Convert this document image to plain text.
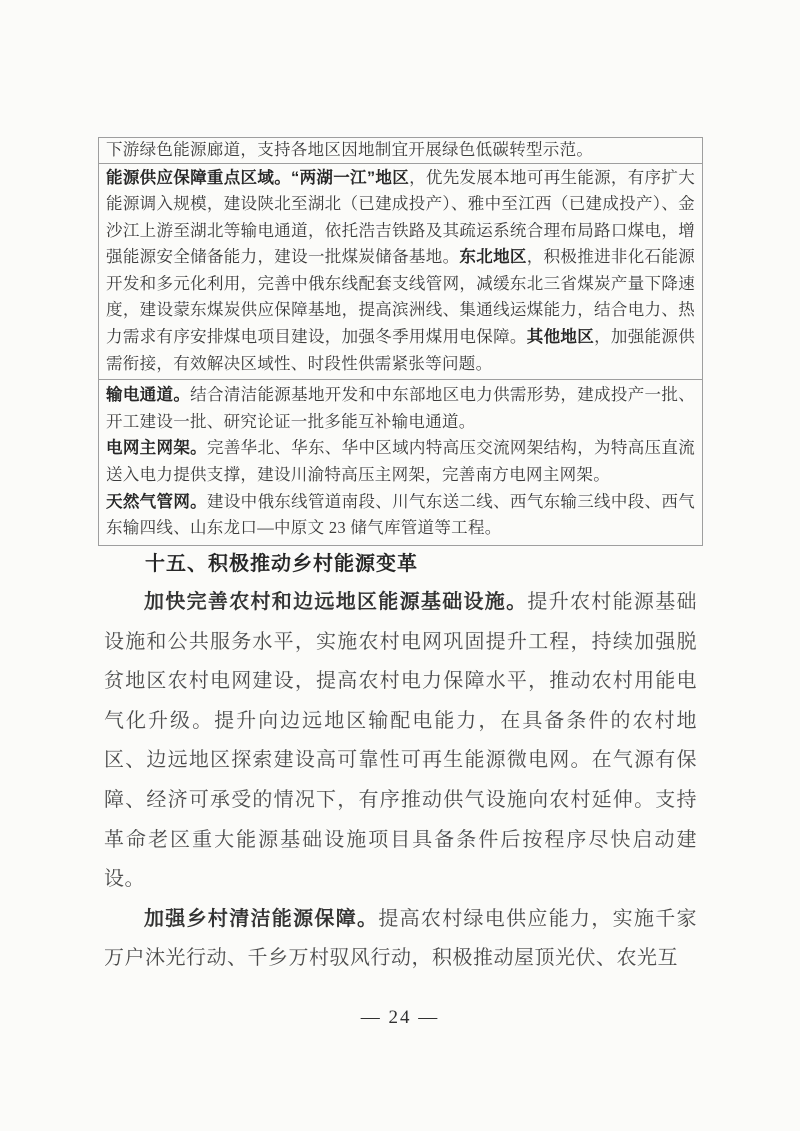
下游绿色能源廊道，支持各地区因地制宜开展绿色低碳转型示范。
能源供应保障重点区域。“两湖一江”地区，优先发展本地可再生能源，有序扩大能源调入规模，建设陕北至湖北（已建成投产）、雅中至江西（已建成投产）、金沙江上游至湖北等输电通道，依托浩吉铁路及其疏运系统合理布局路口煤电，增强能源安全储备能力，建设一批煤炭储备基地。东北地区，积极推进非化石能源开发和多元化利用，完善中俄东线配套支线管网，减缓东北三省煤炭产量下降速度，建设蒙东煤炭供应保障基地，提高滨洲线、集通线运煤能力，结合电力、热力需求有序安排煤电项目建设，加强冬季用煤用电保障。其他地区，加强能源供需衔接，有效解决区域性、时段性供需紧张等问题。
输电通道。结合清洁能源基地开发和中东部地区电力供需形势，建成投产一批、开工建设一批、研究论证一批多能互补输电通道。
电网主网架。完善华北、华东、华中区域内特高压交流网架结构，为特高压直流送入电力提供支撑，建设川渝特高压主网架，完善南方电网主网架。
天然气管网。建设中俄东线管道南段、川气东送二线、西气东输三线中段、西气东输四线、山东龙口—中原文 23 储气库管道等工程。
十五、积极推动乡村能源变革

加快完善农村和边远地区能源基础设施。提升农村能源基础设施和公共服务水平，实施农村电网巩固提升工程，持续加强脱贫地区农村电网建设，提高农村电力保障水平，推动农村用能电气化升级。提升向边远地区输配电能力，在具备条件的农村地区、边远地区探索建设高可靠性可再生能源微电网。在气源有保障、经济可承受的情况下，有序推动供气设施向农村延伸。支持革命老区重大能源基础设施项目具备条件后按程序尽快启动建设。

加强乡村清洁能源保障。提高农村绿电供应能力，实施千家万户沐光行动、千乡万村驭风行动，积极推动屋顶光伏、农光互

— 24 —
